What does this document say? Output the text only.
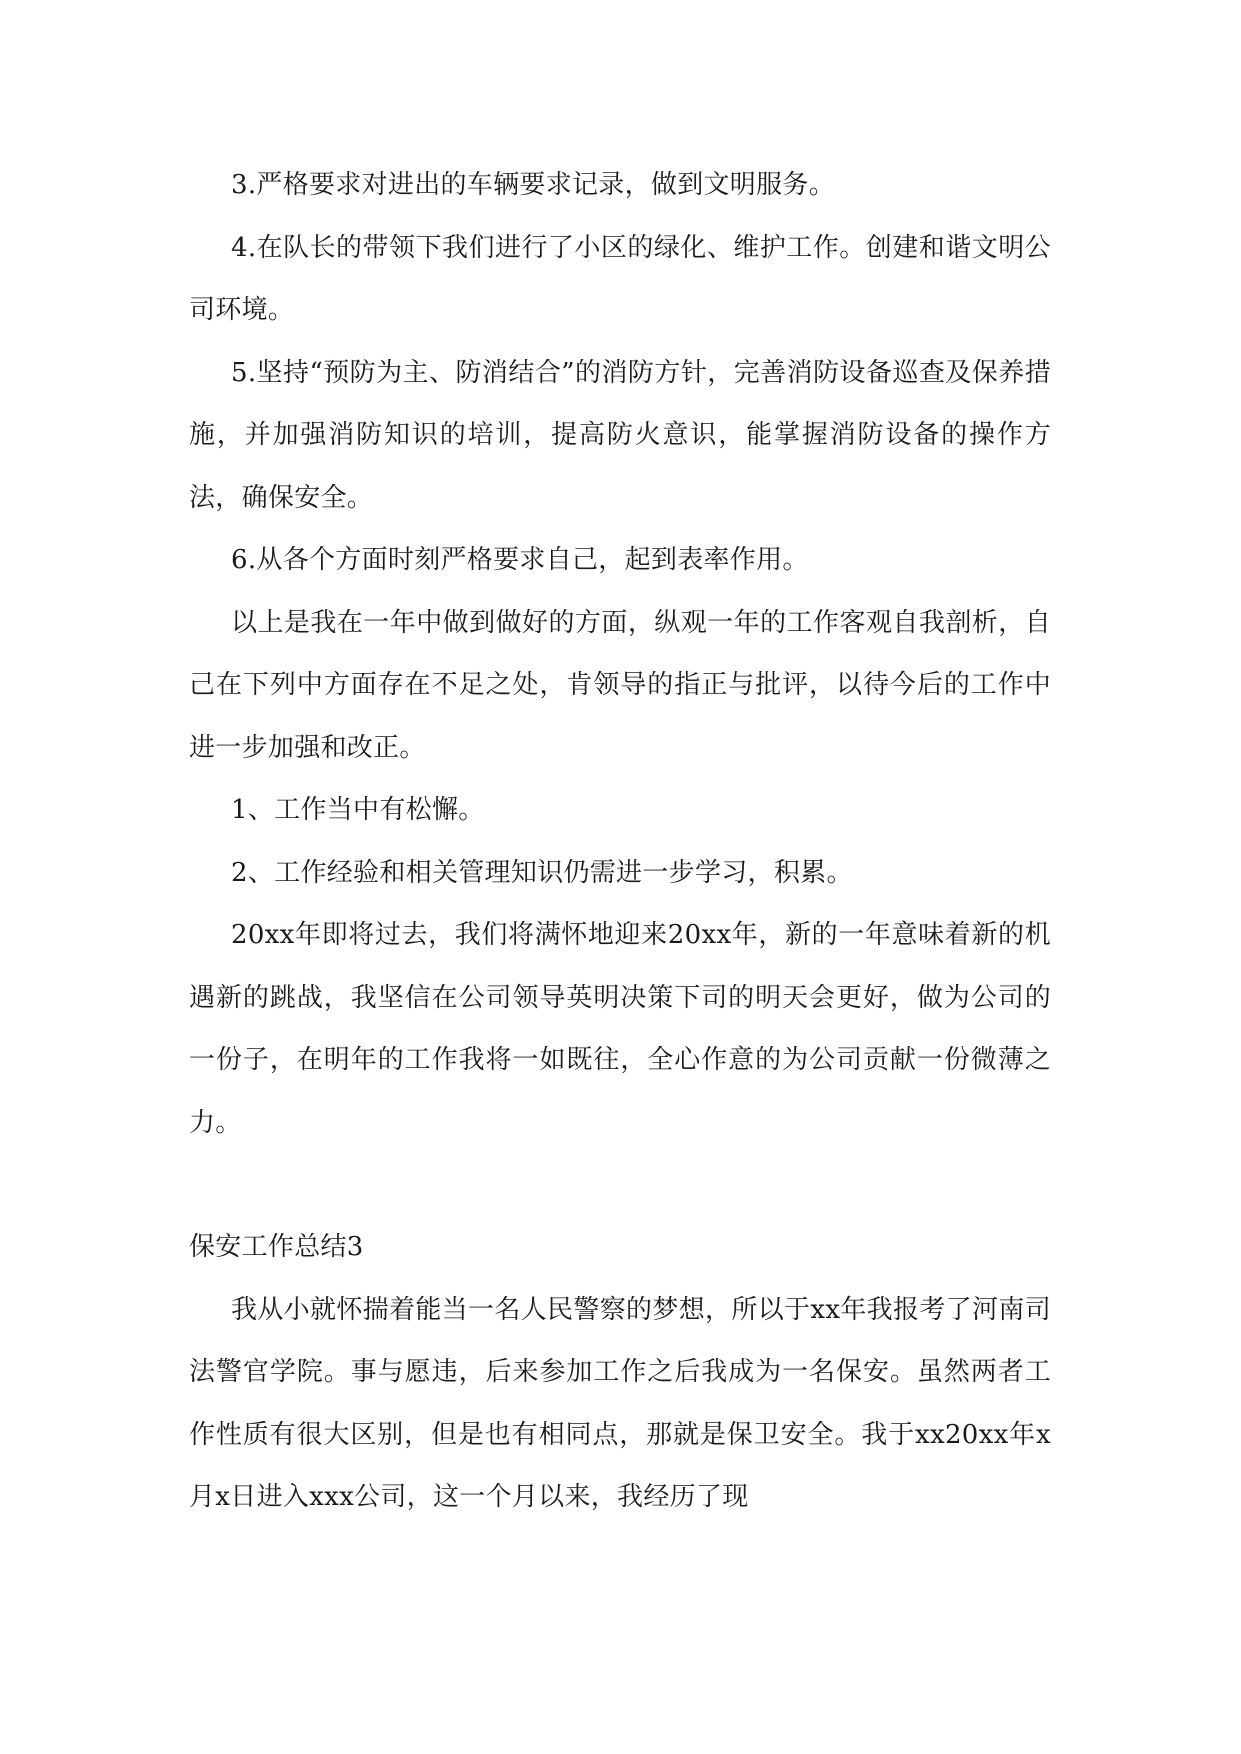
3.严格要求对进出的车辆要求记录，做到文明服务。

4.在队长的带领下我们进行了小区的绿化、维护工作。创建和谐文明公司环境。

5.坚持“预防为主、防消结合”的消防方针，完善消防设备巡查及保养措施，并加强消防知识的培训，提高防火意识，能掌握消防设备的操作方法，确保安全。

6.从各个方面时刻严格要求自己，起到表率作用。

以上是我在一年中做到做好的方面，纵观一年的工作客观自我剖析，自己在下列中方面存在不足之处，肯领导的指正与批评，以待今后的工作中进一步加强和改正。

1、工作当中有松懈。

2、工作经验和相关管理知识仍需进一步学习，积累。

20xx年即将过去，我们将满怀地迎来20xx年，新的一年意味着新的机遇新的跳战，我坚信在公司领导英明决策下司的明天会更好，做为公司的一份子，在明年的工作我将一如既往，全心作意的为公司贡献一份微薄之力。

保安工作总结3

我从小就怀揣着能当一名人民警察的梦想，所以于xx年我报考了河南司法警官学院。事与愿违，后来参加工作之后我成为一名保安。虽然两者工作性质有很大区别，但是也有相同点，那就是保卫安全。我于xx20xx年x月x日进入xxx公司，这一个月以来，我经历了现
